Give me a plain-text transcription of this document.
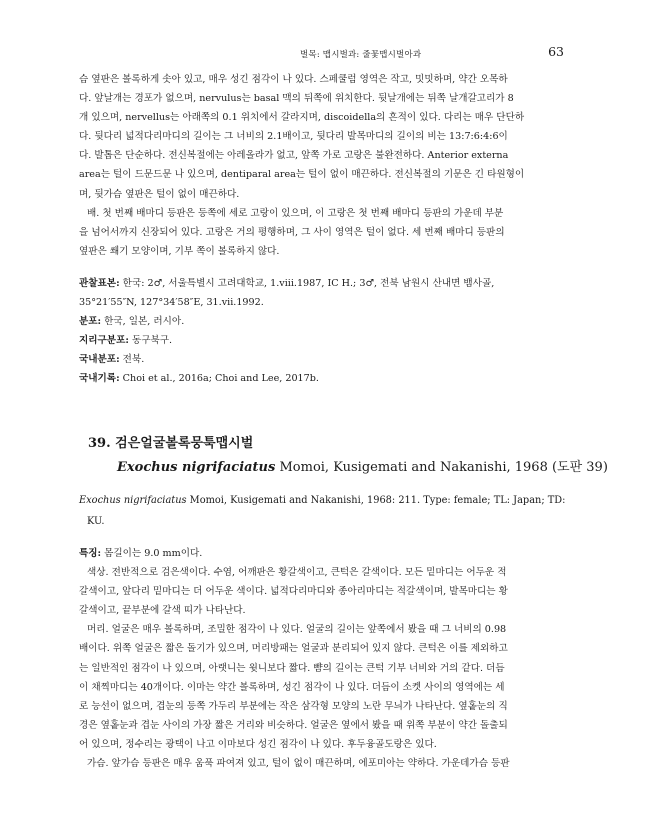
벌목: 맵시벌과: 줄꽃맵시벌아과	63
슴 옆판은 볼록하게 솟아 있고, 매우 성긴 점각이 나 있다. 스페쿨럼 영역은 작고, 밋밋하며, 약간 오목하
다. 앞날개는 경포가 없으며, nervulus는 basal 맥의 뒤쪽에 위치한다. 뒷날개에는 뒤쪽 날개갈고리가 8
개 있으며, nervellus는 아래쪽의 0.1 위치에서 갈라지며, discoidella의 흔적이 있다. 다리는 매우 단단하
다. 뒷다리 넓적다리마디의 길이는 그 너비의 2.1배이고, 뒷다리 발목마디의 길이의 비는 13:7:6:4:6이
다. 발톱은 단순하다. 전신복절에는 아레올라가 없고, 앞쪽 가로 고랑은 불완전하다. Anterior externa
area는 털이 드문드문 나 있으며, dentiparal area는 털이 없이 매끈하다. 전신복절의 기문은 긴 타원형이
며, 뒷가슴 옆판은 털이 없이 매끈하다.
배. 첫 번째 배마디 등판은 등쪽에 세로 고랑이 있으며, 이 고랑은 첫 번째 배마디 등판의 가운데 부분
을 넘어서까지 신장되어 있다. 고랑은 거의 평행하며, 그 사이 영역은 털이 없다. 세 번째 배마디 등판의
옆판은 쐐기 모양이며, 기부 쪽이 볼록하지 않다.
관찰표본: 한국: 2♂, 서울특별시 고려대학교, 1.viii.1987, IC H.; 3♂, 전북 남원시 산내면 뱀사골,
35°21′55″N, 127°34′58″E, 31.vii.1992.
분포: 한국, 일본, 러시아.
지리구분포: 동구북구.
국내분포: 전북.
국내기록: Choi et al., 2016a; Choi and Lee, 2017b.
39. 검은얼굴볼록뭉툭맵시벌
Exochus nigrifaciatus Momoi, Kusigemati and Nakanishi, 1968 (도판 39)
Exochus nigrifaciatus Momoi, Kusigemati and Nakanishi, 1968: 211. Type: female; TL: Japan; TD:
KU.
특징: 몸길이는 9.0 mm이다.
색상. 전반적으로 검은색이다. 수염, 어깨판은 황갈색이고, 큰턱은 갈색이다. 모든 밑마디는 어두운 적
갈색이고, 앞다리 밑마디는 더 어두운 색이다. 넓적다리마디와 종아리마디는 적갈색이며, 발목마디는 황
갈색이고, 끝부분에 갈색 띠가 나타난다.
머리. 얼굴은 매우 볼록하며, 조밀한 점각이 나 있다. 얼굴의 길이는 앞쪽에서 봤을 때 그 너비의 0.98
배이다. 위쪽 얼굴은 짧은 돌기가 있으며, 머리방패는 얼굴과 분리되어 있지 않다. 큰턱은 이를 제외하고
는 일반적인 점각이 나 있으며, 아랫니는 윗니보다 짧다. 뺨의 길이는 큰턱 기부 너비와 거의 같다. 더듬
이 채찍마디는 40개이다. 이마는 약간 볼록하며, 성긴 점각이 나 있다. 더듬이 소켓 사이의 영역에는 세
로 능선이 없으며, 겹눈의 등쪽 가두리 부분에는 작은 삼각형 모양의 노란 무늬가 나타난다. 옆홑눈의 직
경은 옆홑눈과 겹눈 사이의 가장 짧은 거리와 비슷하다. 얼굴은 옆에서 봤을 때 위쪽 부분이 약간 돌출되
어 있으며, 정수리는 광택이 나고 이마보다 성긴 점각이 나 있다. 후두융골도랑은 있다.
가슴. 앞가슴 등판은 매우 움푹 파여져 있고, 털이 없이 매끈하며, 에포미아는 약하다. 가운데가슴 등판
